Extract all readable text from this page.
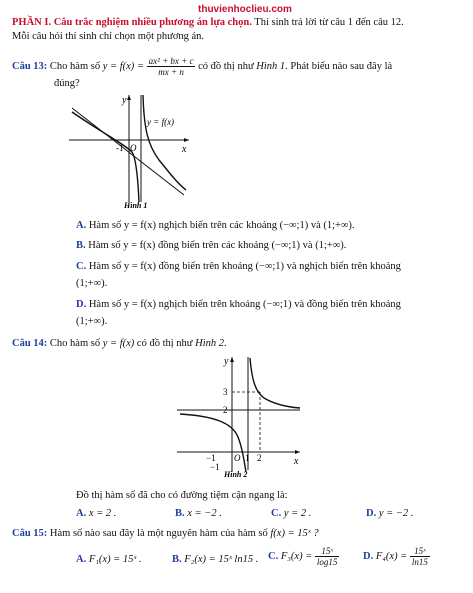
thuvienhoclieu.com
PHẦN I. Câu trắc nghiệm nhiều phương án lựa chọn. Thí sinh trả lời từ câu 1 đến câu 12.
Mỗi câu hỏi thí sinh chỉ chọn một phương án.
Câu 13: Cho hàm số $y = f(x) = \frac{\text{ax² + bx + c}}{mx + n}$ có đồ thị như Hình 1. Phát biểu nào sau đây là
đúng?
y
x
O
-1
y = f(x)
Hình 1
A. Hàm số y = f(x) nghịch biến trên các khoảng (−∞;1) và (1;+∞).
B. Hàm số y = f(x) đồng biến trên các khoảng (−∞;1) và (1;+∞).
C. Hàm số y = f(x) đồng biến trên khoảng (−∞;1) và nghịch biến trên khoảng
(1;+∞).
D. Hàm số y = f(x) nghịch biến trên khoảng (−∞;1) và đồng biến trên khoảng
(1;+∞).
Câu 14: Cho hàm số y = f(x) có đồ thị như Hình 2.
y
x
3
2
O
−1	1 2
−1
Hình 2
Đồ thị hàm số đã cho có đường tiệm cận ngang là:
A. x = 2 .	B. x = −2 .	C. y = 2 .	D. y = −2 .
Câu 15: Hàm số nào sau đây là một nguyên hàm của hàm số f(x) = 15ˣ ?
A. F₁(x) = 15ˣ .	B. F₂(x) = 15ˣ ln15 . C. $F_3(x) = \frac{\text{15ˣ}}{\log 15} D$. $F_4(x) = \frac{\text{15ˣ}}{\ln 15}$
